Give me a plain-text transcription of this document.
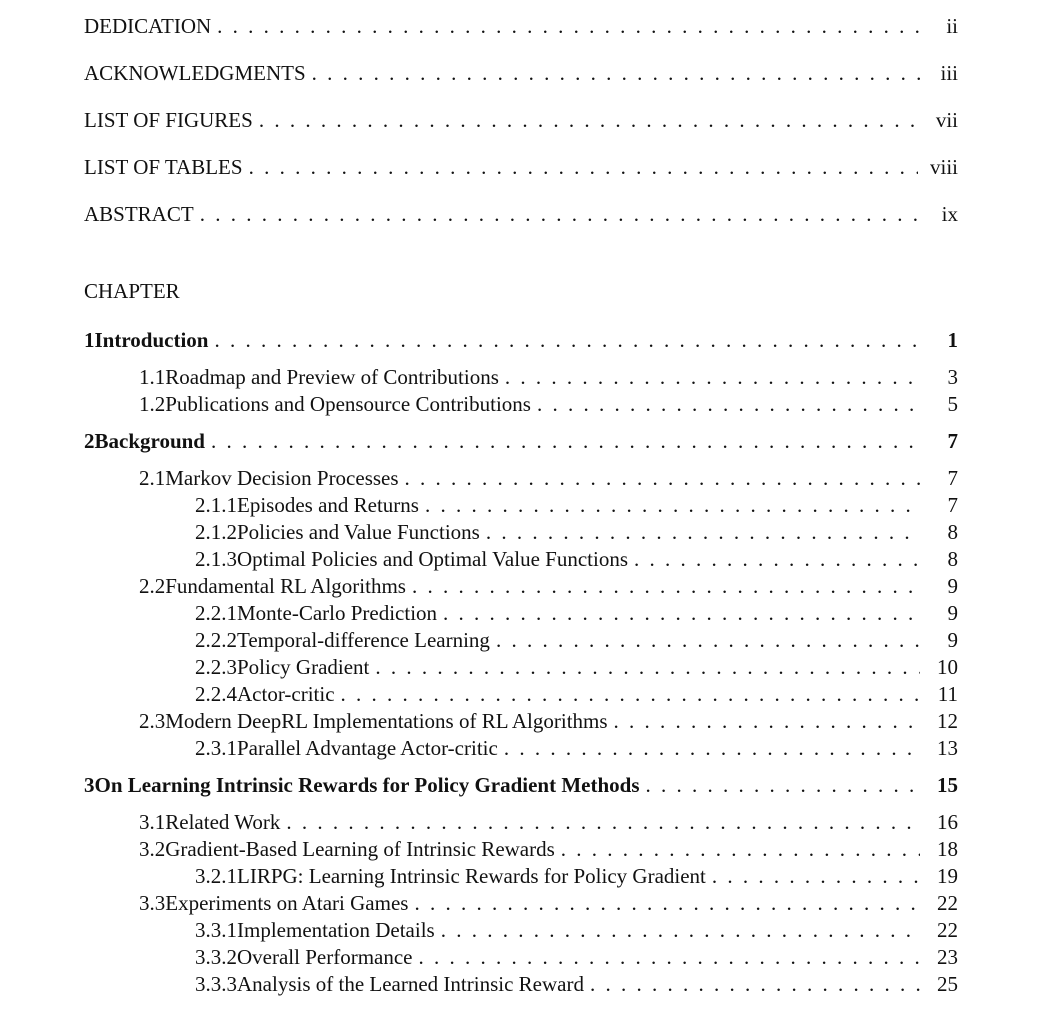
DEDICATION . . .	ii
ACKNOWLEDGMENTS . . .	iii
LIST OF FIGURES . . .	vii
LIST OF TABLES . . .	viii
ABSTRACT . . .	ix
CHAPTER
1 Introduction . . .	1
1.1 Roadmap and Preview of Contributions . . .	3
1.2 Publications and Opensource Contributions . . .	5
2 Background . . .	7
2.1 Markov Decision Processes . . .	7
2.1.1 Episodes and Returns . . .	7
2.1.2 Policies and Value Functions . . .	8
2.1.3 Optimal Policies and Optimal Value Functions . . .	8
2.2 Fundamental RL Algorithms . . .	9
2.2.1 Monte-Carlo Prediction . . .	9
2.2.2 Temporal-difference Learning . . .	9
2.2.3 Policy Gradient . . .	10
2.2.4 Actor-critic . . .	11
2.3 Modern DeepRL Implementations of RL Algorithms . . .	12
2.3.1 Parallel Advantage Actor-critic . . .	13
3 On Learning Intrinsic Rewards for Policy Gradient Methods . . .	15
3.1 Related Work . . .	16
3.2 Gradient-Based Learning of Intrinsic Rewards . . .	18
3.2.1 LIRPG: Learning Intrinsic Rewards for Policy Gradient . . .	19
3.3 Experiments on Atari Games . . .	22
3.3.1 Implementation Details . . .	22
3.3.2 Overall Performance . . .	23
3.3.3 Analysis of the Learned Intrinsic Reward . . .	25
